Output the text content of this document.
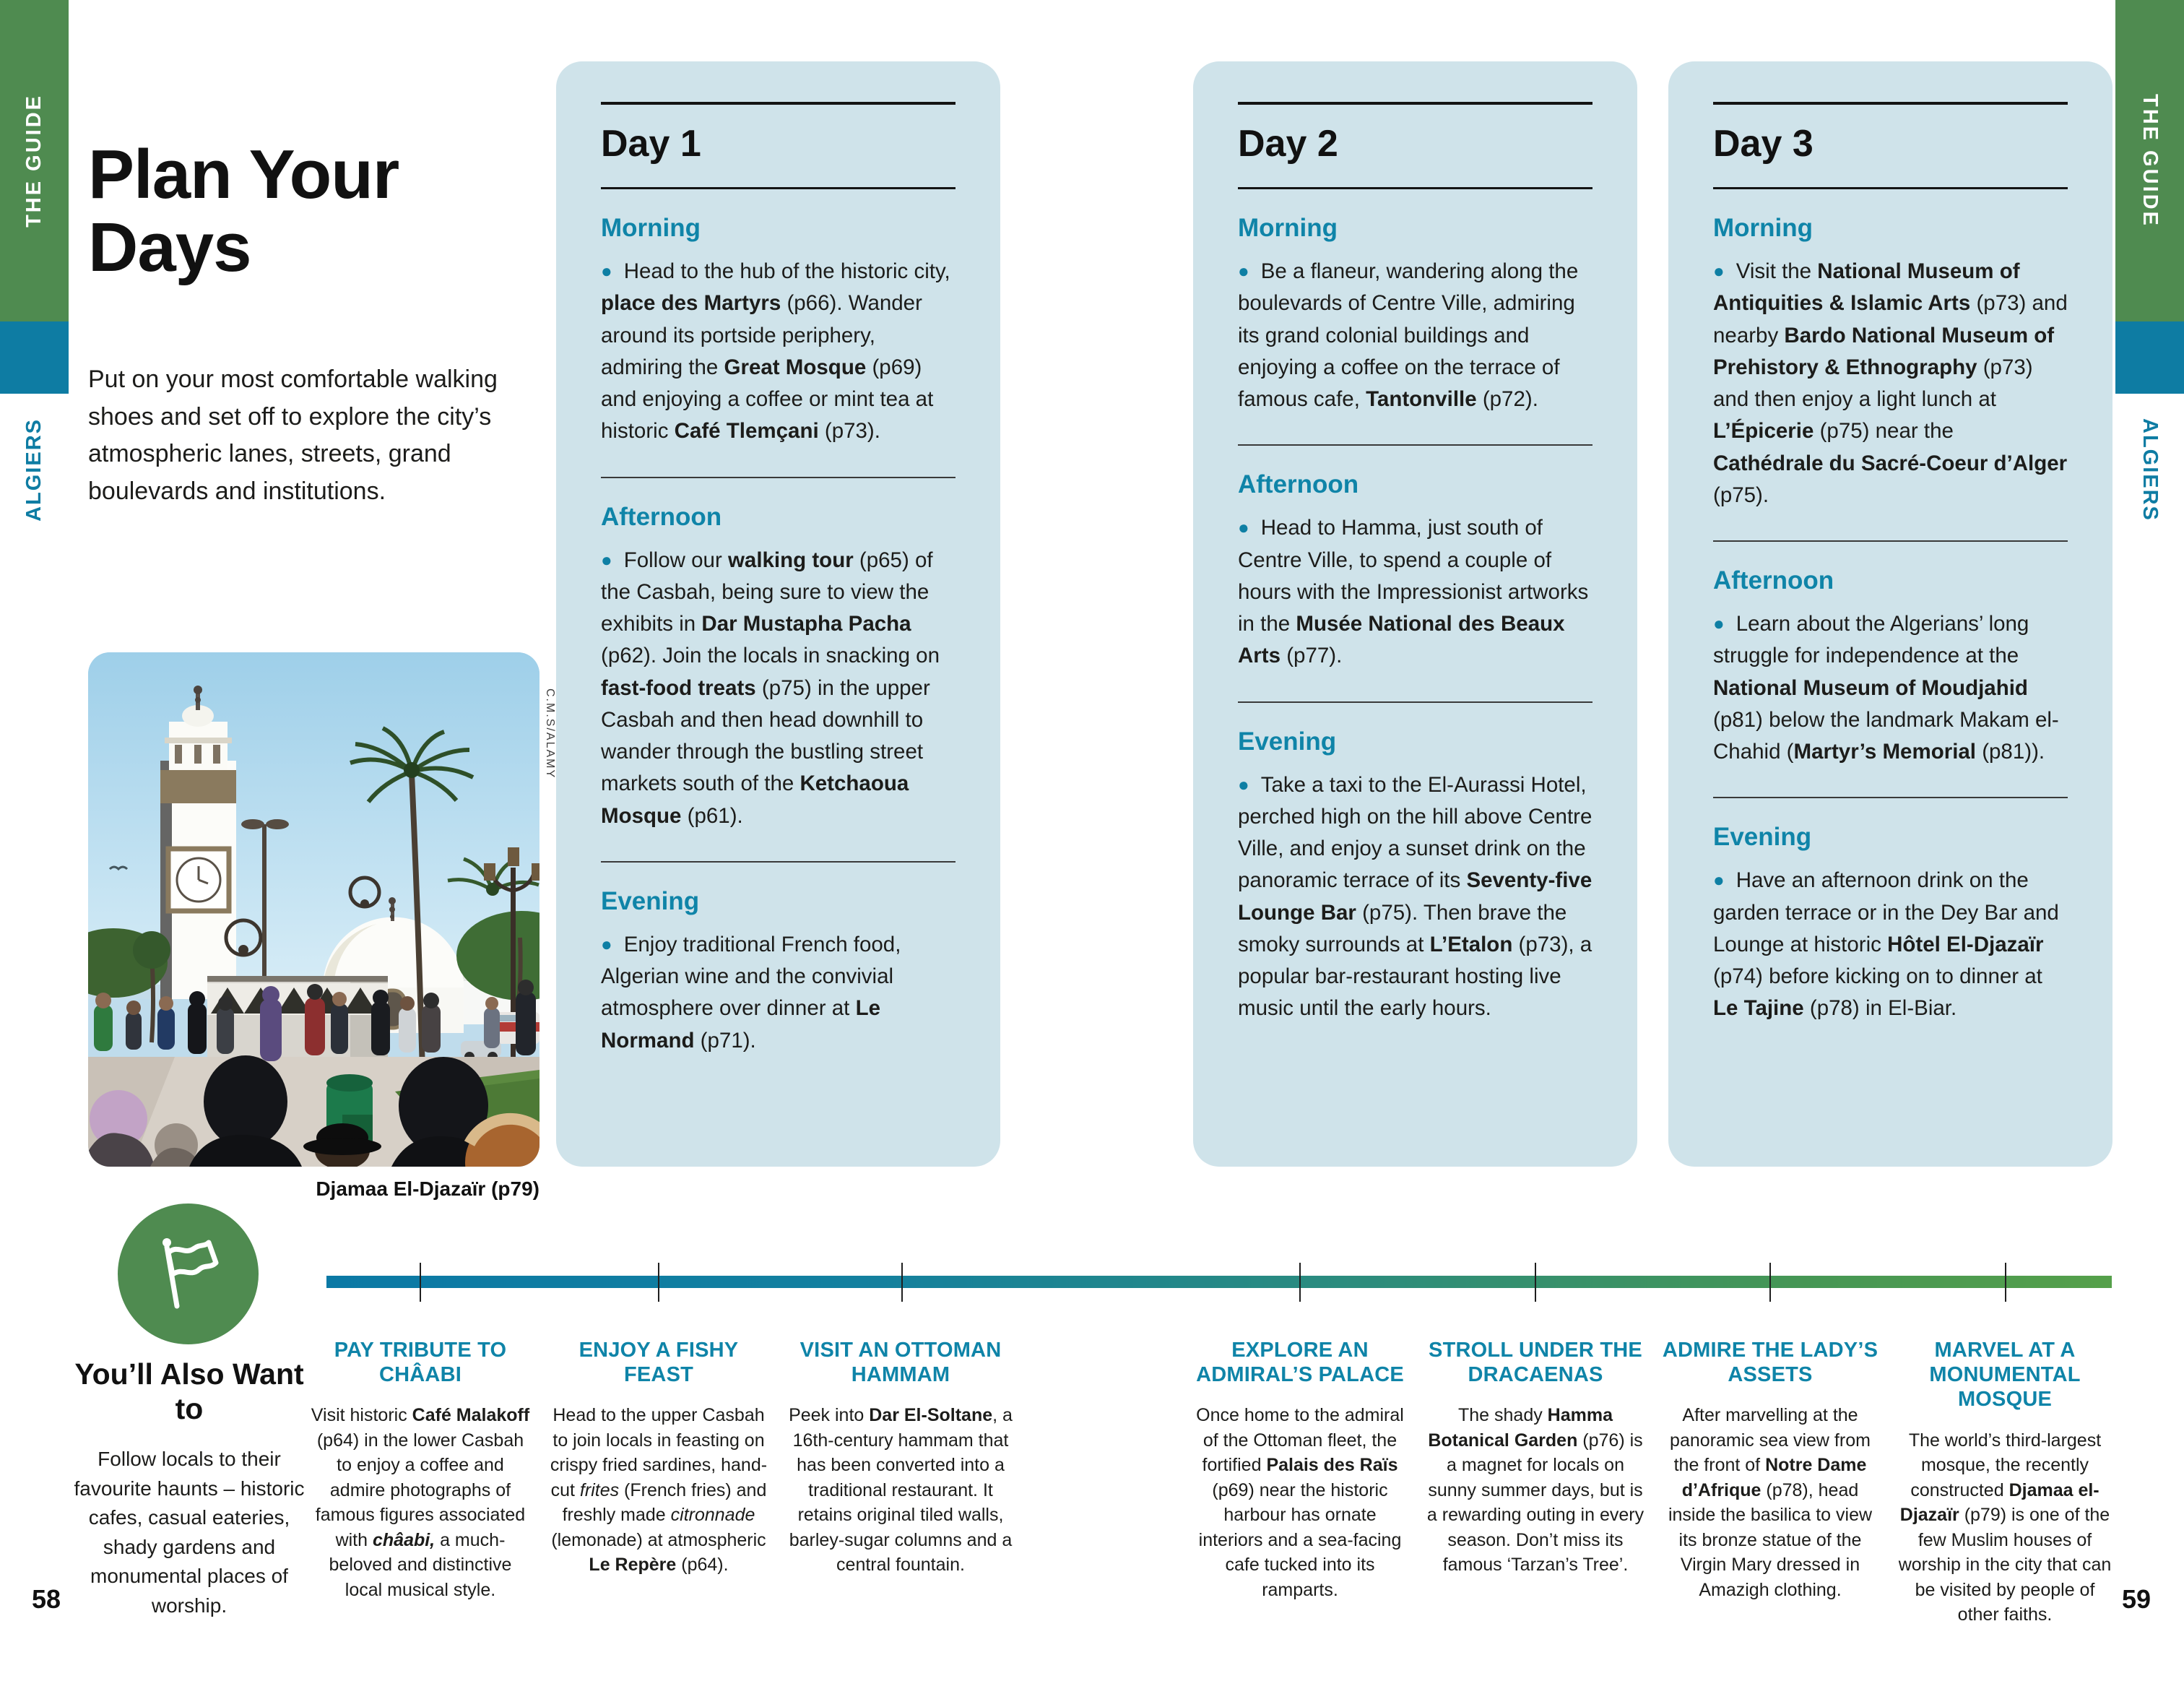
THE GUIDE
ALGIERS
THE GUIDE
ALGIERS
Plan Your
Days

Put on your most comfortable walking shoes and set off to explore the city’s atmospheric lanes, streets, grand boulevards and institutions.

C.M.S/ALAMY
Djamaa El-Djazaïr (p79)
Day 1
Morning

● Head to the hub of the historic city, place des Martyrs (p66). Wander around its portside periphery, admiring the Great Mosque (p69) and enjoying a coffee or mint tea at historic Café Tlemçani (p73).

Afternoon

● Follow our walking tour (p65) of the Casbah, being sure to view the exhibits in Dar Mustapha Pacha (p62). Join the locals in snacking on fast-food treats (p75) in the upper Casbah and then head downhill to wander through the bustling street markets south of the Ketchaoua Mosque (p61).

Evening

● Enjoy traditional French food, Algerian wine and the convivial atmosphere over dinner at Le Normand (p71).

Day 2
Morning

● Be a flaneur, wandering along the boulevards of Centre Ville, admiring its grand colonial buildings and enjoying a coffee on the terrace of famous cafe, Tantonville (p72).

Afternoon

● Head to Hamma, just south of Centre Ville, to spend a couple of hours with the Impressionist artworks in the Musée National des Beaux Arts (p77).

Evening

● Take a taxi to the El-Aurassi Hotel, perched high on the hill above Centre Ville, and enjoy a sunset drink on the panoramic terrace of its Seventy-five Lounge Bar (p75). Then brave the smoky surrounds at L’Etalon (p73), a popular bar-restaurant hosting live music until the early hours.

Day 3
Morning

● Visit the National Museum of Antiquities & Islamic Arts (p73) and nearby Bardo National Museum of Prehistory & Ethnography (p73) and then enjoy a light lunch at L’Épicerie (p75) near the Cathédrale du Sacré-Coeur d’Alger (p75).

Afternoon

● Learn about the Algerians’ long struggle for independence at the National Museum of Moudjahid (p81) below the landmark Makam el-Chahid (Martyr’s Memorial (p81)).

Evening

● Have an afternoon drink on the garden terrace or in the Dey Bar and Lounge at historic Hôtel El-Djazaïr (p74) before kicking on to dinner at Le Tajine (p78) in El-Biar.

You’ll Also Want to

Follow locals to their favourite haunts – historic cafes, casual eateries, shady gardens and monumental places of worship.

PAY TRIBUTE TO CHÂABI

Visit historic Café Malakoff (p64) in the lower Casbah to enjoy a coffee and admire photographs of famous figures associated with châabi, a much-beloved and distinctive local musical style.

ENJOY A FISHY FEAST

Head to the upper Casbah to join locals in feasting on crispy fried sardines, hand-cut frites (French fries) and freshly made citronnade (lemonade) at atmospheric Le Repère (p64).

VISIT AN OTTOMAN HAMMAM

Peek into Dar El-Soltane, a 16th-century hammam that has been converted into a traditional restaurant. It retains original tiled walls, barley-sugar columns and a central fountain.

EXPLORE AN ADMIRAL’S PALACE

Once home to the admiral of the Ottoman fleet, the fortified Palais des Raïs (p69) near the historic harbour has ornate interiors and a sea-facing cafe tucked into its ramparts.

STROLL UNDER THE DRACAENAS

The shady Hamma Botanical Garden (p76) is a magnet for locals on sunny summer days, but is a rewarding outing in every season. Don’t miss its famous ‘Tarzan’s Tree’.

ADMIRE THE LADY’S ASSETS

After marvelling at the panoramic sea view from the front of Notre Dame d’Afrique (p78), head inside the basilica to view its bronze statue of the Virgin Mary dressed in Amazigh clothing.

MARVEL AT A MONUMENTAL MOSQUE

The world’s third-largest mosque, the recently constructed Djamaa el-Djazaïr (p79) is one of the few Muslim houses of worship in the city that can be visited by people of other faiths.

58	59
